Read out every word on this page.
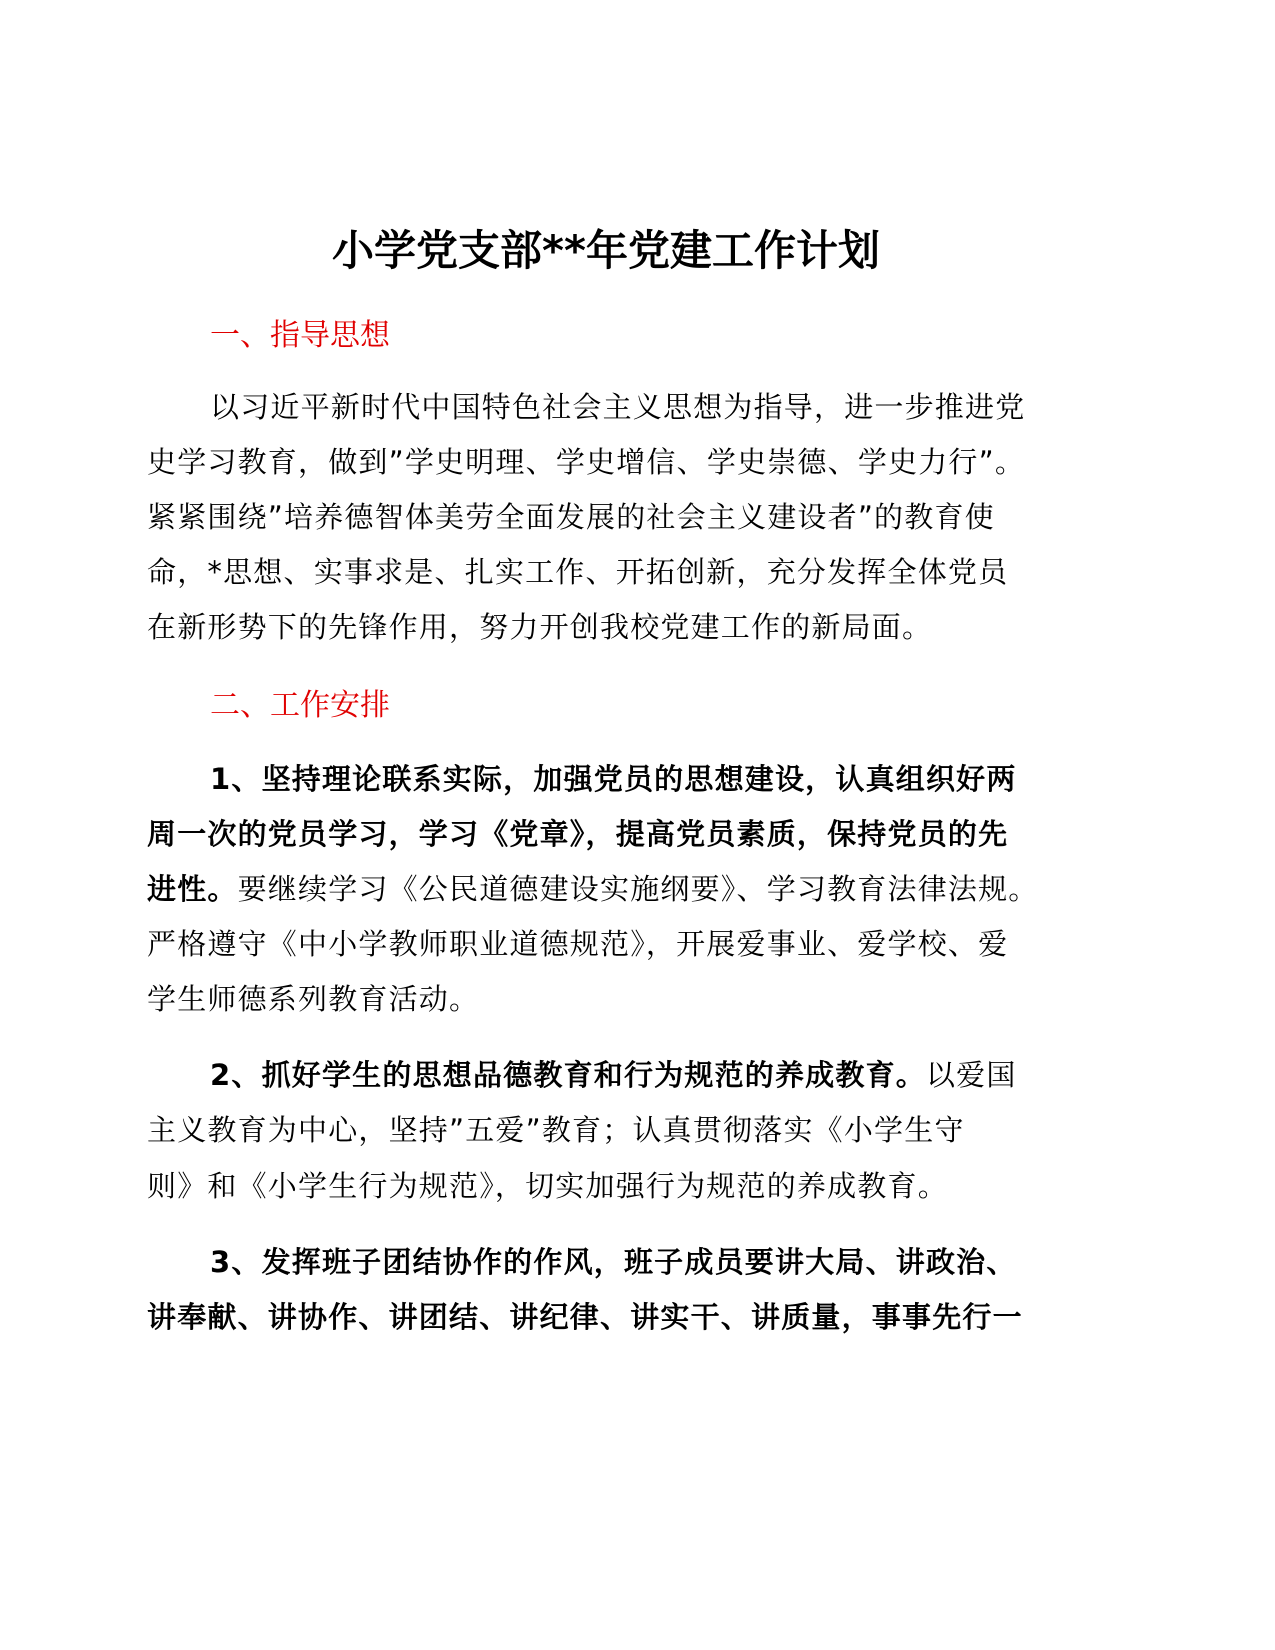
小学党支部**年党建工作计划
一、指导思想
以习近平新时代中国特色社会主义思想为指导，进一步推进党
史学习教育，做到”学史明理、学史增信、学史崇德、学史力行”。
紧紧围绕”培养德智体美劳全面发展的社会主义建设者”的教育使
命，*思想、实事求是、扎实工作、开拓创新，充分发挥全体党员
在新形势下的先锋作用，努力开创我校党建工作的新局面。
二、工作安排
1、坚持理论联系实际，加强党员的思想建设，认真组织好两
周一次的党员学习，学习《党章》，提高党员素质，保持党员的先
进性。要继续学习《公民道德建设实施纲要》、学习教育法律法规。
严格遵守《中小学教师职业道德规范》，开展爱事业、爱学校、爱
学生师德系列教育活动。
2、抓好学生的思想品德教育和行为规范的养成教育。以爱国
主义教育为中心，坚持”五爱”教育；认真贯彻落实《小学生守
则》和《小学生行为规范》，切实加强行为规范的养成教育。
3、发挥班子团结协作的作风，班子成员要讲大局、讲政治、
讲奉献、讲协作、讲团结、讲纪律、讲实干、讲质量，事事先行一
